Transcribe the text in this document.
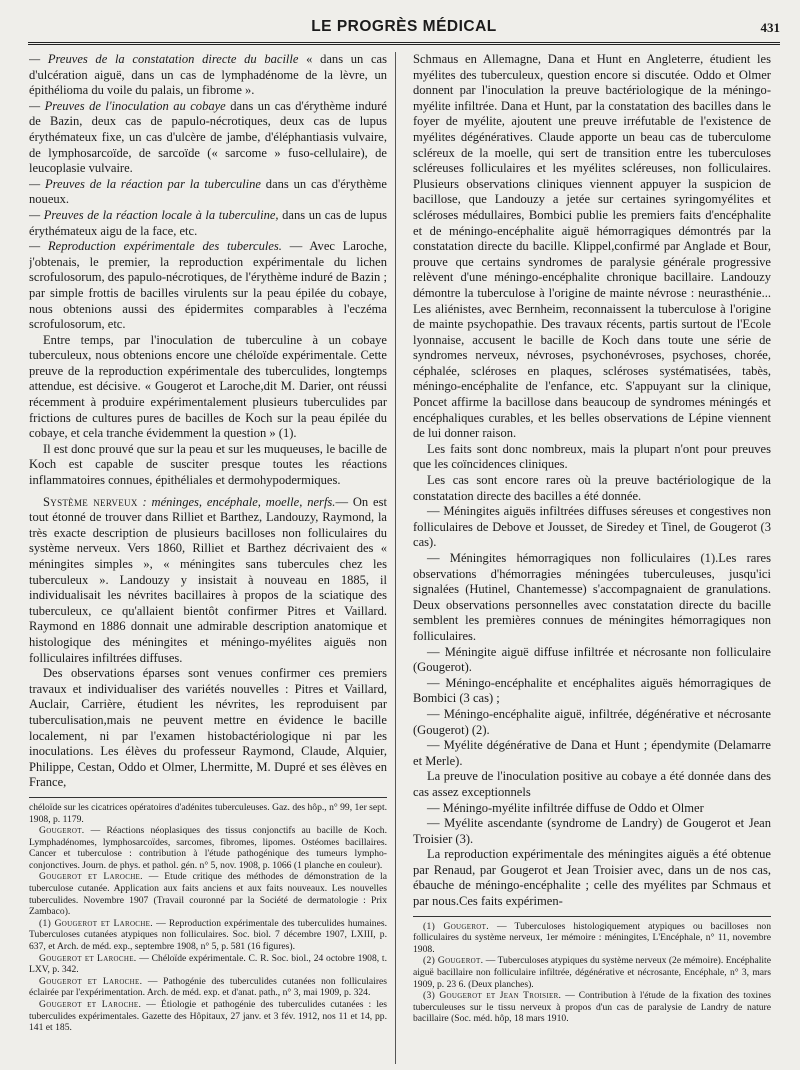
LE PROGRÈS MÉDICAL	431

— Preuves de la constatation directe du bacille « dans un cas d'ulcération aiguë, dans un cas de lymphadénome de la lèvre, un épithélioma du voile du palais, un fibrome ».

— Preuves de l'inoculation au cobaye dans un cas d'érythème induré de Bazin, deux cas de papulo-nécrotiques, deux cas de lupus érythémateux fixe, un cas d'ulcère de jambe, d'éléphantiasis vulvaire, de lymphosarcoïde, de sarcoïde (« sarcome » fuso-cellulaire), de leucoplasie vulvaire.

— Preuves de la réaction par la tuberculine dans un cas d'érythème noueux.

— Preuves de la réaction locale à la tuberculine, dans un cas de lupus érythémateux aigu de la face, etc.

— Reproduction expérimentale des tubercules. — Avec Laroche, j'obtenais, le premier, la reproduction expérimentale du lichen scrofulosorum, des papulo-nécrotiques, de l'érythème induré de Bazin ; par simple frottis de bacilles virulents sur la peau épilée du cobaye, nous obtenions aussi des épidermites comparables à l'eczéma scrofulosorum, etc.

Entre temps, par l'inoculation de tuberculine à un cobaye tuberculeux, nous obtenions encore une chéloïde expérimentale. Cette preuve de la reproduction expérimentale des tuberculides, longtemps attendue, est décisive. « Gougerot et Laroche,dit M. Darier, ont réussi récemment à produire expérimentalement plusieurs tuberculides par frictions de cultures pures de bacilles de Koch sur la peau épilée du cobaye, et cela tranche évidemment la question » (1).

Il est donc prouvé que sur la peau et sur les muqueuses, le bacille de Koch est capable de susciter presque toutes les réactions inflammatoires connues, épithéliales et dermohypodermiques.

Système nerveux : méninges, encéphale, moelle, nerfs.— On est tout étonné de trouver dans Rilliet et Barthez, Landouzy, Raymond, la très exacte description de plusieurs bacilloses non folliculaires du système nerveux. Vers 1860, Rilliet et Barthez décrivaient des « méningites simples », « méningites sans tubercules chez les tuberculeux ». Landouzy y insistait à nouveau en 1885, il individualisait les névrites bacillaires à propos de la sciatique des tuberculeux, ce qu'allaient bientôt confirmer Pitres et Vaillard. Raymond en 1886 donnait une admirable description anatomique et histologique des méningites et méningo-myélites aiguës non folliculaires infiltrées diffuses.

Des observations éparses sont venues confirmer ces premiers travaux et individualiser des variétés nouvelles : Pitres et Vaillard, Auclair, Carrière, étudient les névrites, les reproduisent par tuberculisation,mais ne peuvent mettre en évidence le bacille localement, ni par l'examen histobactériologique ni par les inoculations. Les élèves du professeur Raymond, Claude, Alquier, Philippe, Cestan, Oddo et Olmer, Lhermitte, M. Dupré et ses élèves en France,

chéloïde sur les cicatrices opératoires d'adénites tuberculeuses. Gaz. des hôp., n° 99, 1er sept. 1908, p. 1179.

Gougerot. — Réactions néoplasiques des tissus conjonctifs au bacille de Koch. Lymphadénomes, lymphosarcoïdes, sarcomes, fibromes, lipomes. Ostéomes bacillaires. Cancer et tuberculose : contribution à l'étude pathogénique des tumeurs lympho-conjonctives. Journ. de phys. et pathol. gén. n° 5, nov. 1908, p. 1066 (1 planche en couleur).

Gougerot et Laroche. — Etude critique des méthodes de démonstration de la tuberculose cutanée. Application aux faits anciens et aux faits nouveaux. Les nouvelles tuberculides. Novembre 1907 (Travail couronné par la Société de dermatologie : Prix Zambaco).

(1) Gougerot et Laroche. — Reproduction expérimentale des tuberculides humaines. Tuberculoses cutanées atypiques non folliculaires. Soc. biol. 7 décembre 1907, LXIII, p. 637, et Arch. de méd. exp., septembre 1908, n° 5, p. 581 (16 figures).

Gougerot et Laroche. — Chéloïde expérimentale. C. R. Soc. biol., 24 octobre 1908, t. LXV, p. 342.

Gougerot et Laroche. — Pathogénie des tuberculides cutanées non folliculaires éclairée par l'expérimentation. Arch. de méd. exp. et d'anat. path., n° 3, mai 1909, p. 324.

Gougerot et Laroche. — Étiologie et pathogénie des tuberculides cutanées : les tuberculides expérimentales. Gazette des Hôpitaux, 27 janv. et 3 fév. 1912, nos 11 et 14, pp. 141 et 185.

Schmaus en Allemagne, Dana et Hunt en Angleterre, étudient les myélites des tuberculeux, question encore si discutée. Oddo et Olmer donnent par l'inoculation la preuve bactériologique de la méningo-myélite infiltrée. Dana et Hunt, par la constatation des bacilles dans le foyer de myélite, ajoutent une preuve irréfutable de l'existence de myélites dégénératives. Claude apporte un beau cas de tuberculome scléreux de la moelle, qui sert de transition entre les tuberculoses scléreuses folliculaires et les myélites scléreuses, non folliculaires. Plusieurs observations cliniques viennent appuyer la suspicion de bacillose, que Landouzy a jetée sur certaines syringomyélites et scléroses médullaires, Bombici publie les premiers faits d'encéphalite et de méningo-encéphalite aiguë hémorragiques démontrés par la constatation directe du bacille. Klippel,confirmé par Anglade et Bour, prouve que certains syndromes de paralysie générale progressive relèvent d'une méningo-encéphalite chronique bacillaire. Landouzy démontre la tuberculose à l'origine de mainte névrose : neurasthénie... Les aliénistes, avec Bernheim, reconnaissent la tuberculose à l'origine de mainte psychopathie. Des travaux récents, partis surtout de l'Ecole lyonnaise, accusent le bacille de Koch dans toute une série de syndromes nerveux, névroses, psychonévroses, psychoses, chorée, céphalée, scléroses en plaques, scléroses systématisées, tabès, méningo-encéphalite de l'enfance, etc. S'appuyant sur la clinique, Poncet affirme la bacillose dans beaucoup de syndromes méningés et encéphaliques curables, et les belles observations de Lépine viennent de lui donner raison.

Les faits sont donc nombreux, mais la plupart n'ont pour preuves que les coïncidences cliniques.

Les cas sont encore rares où la preuve bactériologique de la constatation directe des bacilles a été donnée.

— Méningites aiguës infiltrées diffuses séreuses et congestives non folliculaires de Debove et Jousset, de Siredey et Tinel, de Gougerot (3 cas).

— Méningites hémorragiques non folliculaires (1).Les rares observations d'hémorragies méningées tuberculeuses, jusqu'ici signalées (Hutinel, Chantemesse) s'accompagnaient de granulations. Deux observations personnelles avec constatation directe du bacille semblent les premières connues de méningites hémorragiques non folliculaires.

— Méningite aiguë diffuse infiltrée et nécrosante non folliculaire (Gougerot).

— Méningo-encéphalite et encéphalites aiguës hémorragiques de Bombici (3 cas) ;

— Méningo-encéphalite aiguë, infiltrée, dégénérative et nécrosante (Gougerot) (2).

— Myélite dégénérative de Dana et Hunt ; épendymite (Delamarre et Merle).

La preuve de l'inoculation positive au cobaye a été donnée dans des cas assez exceptionnels

— Méningo-myélite infiltrée diffuse de Oddo et Olmer

— Myélite ascendante (syndrome de Landry) de Gougerot et Jean Troisier (3).

La reproduction expérimentale des méningites aiguës a été obtenue par Renaud, par Gougerot et Jean Troisier avec, dans un de nos cas, ébauche de méningo-encéphalite ; celle des myélites par Schmaus et par nous.Ces faits expérimen-

(1) Gougerot. — Tuberculoses histologiquement atypiques ou bacilloses non folliculaires du système nerveux, 1er mémoire : méningites, L'Encéphale, n° 11, novembre 1908.

(2) Gougerot. — Tuberculoses atypiques du système nerveux (2e mémoire). Encéphalite aiguë bacillaire non folliculaire infiltrée, dégénérative et nécrosante, Encéphale, n° 3, mars 1909, p. 23 6. (Deux planches).

(3) Gougerot et Jean Troisier. — Contribution à l'étude de la fixation des toxines tuberculeuses sur le tissu nerveux à propos d'un cas de paralysie de Landry de nature bacillaire (Soc. méd. hôp, 18 mars 1910.
